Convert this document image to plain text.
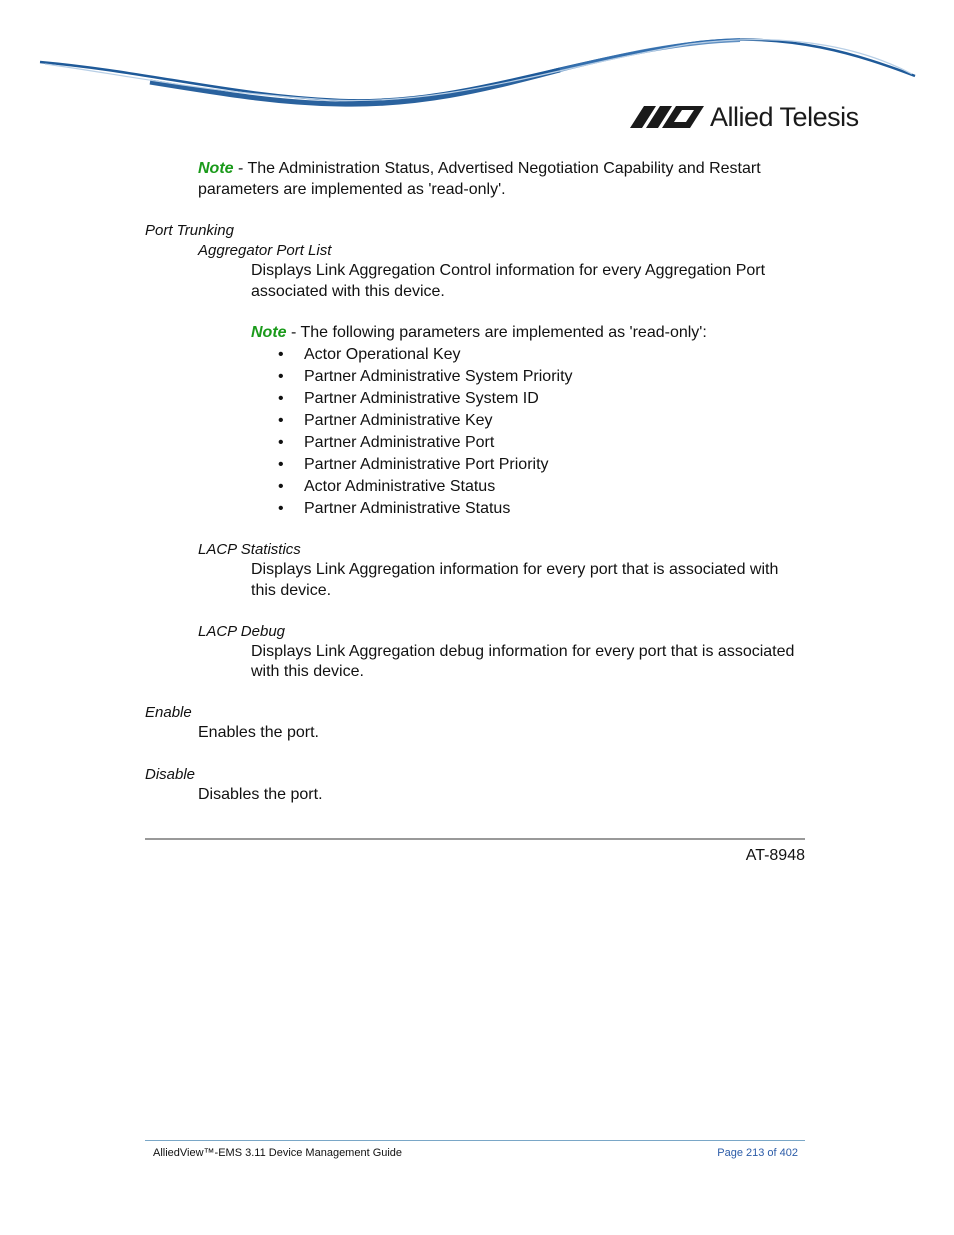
Allied Telesis
Note - The Administration Status, Advertised Negotiation Capability and Restart
parameters are implemented as 'read-only'.
Port Trunking
Aggregator Port List
Displays Link Aggregation Control information for every Aggregation Port
associated with this device.
Note - The following parameters are implemented as 'read-only':
• Actor Operational Key
• Partner Administrative System Priority
• Partner Administrative System ID
• Partner Administrative Key
• Partner Administrative Port
• Partner Administrative Port Priority
• Actor Administrative Status
• Partner Administrative Status
LACP Statistics
Displays Link Aggregation information for every port that is associated with
this device.
LACP Debug
Displays Link Aggregation debug information for every port that is associated
with this device.
Enable
Enables the port.
Disable
Disables the port.
AT-8948
AlliedView™-EMS 3.11 Device Management Guide	Page 213 of 402
